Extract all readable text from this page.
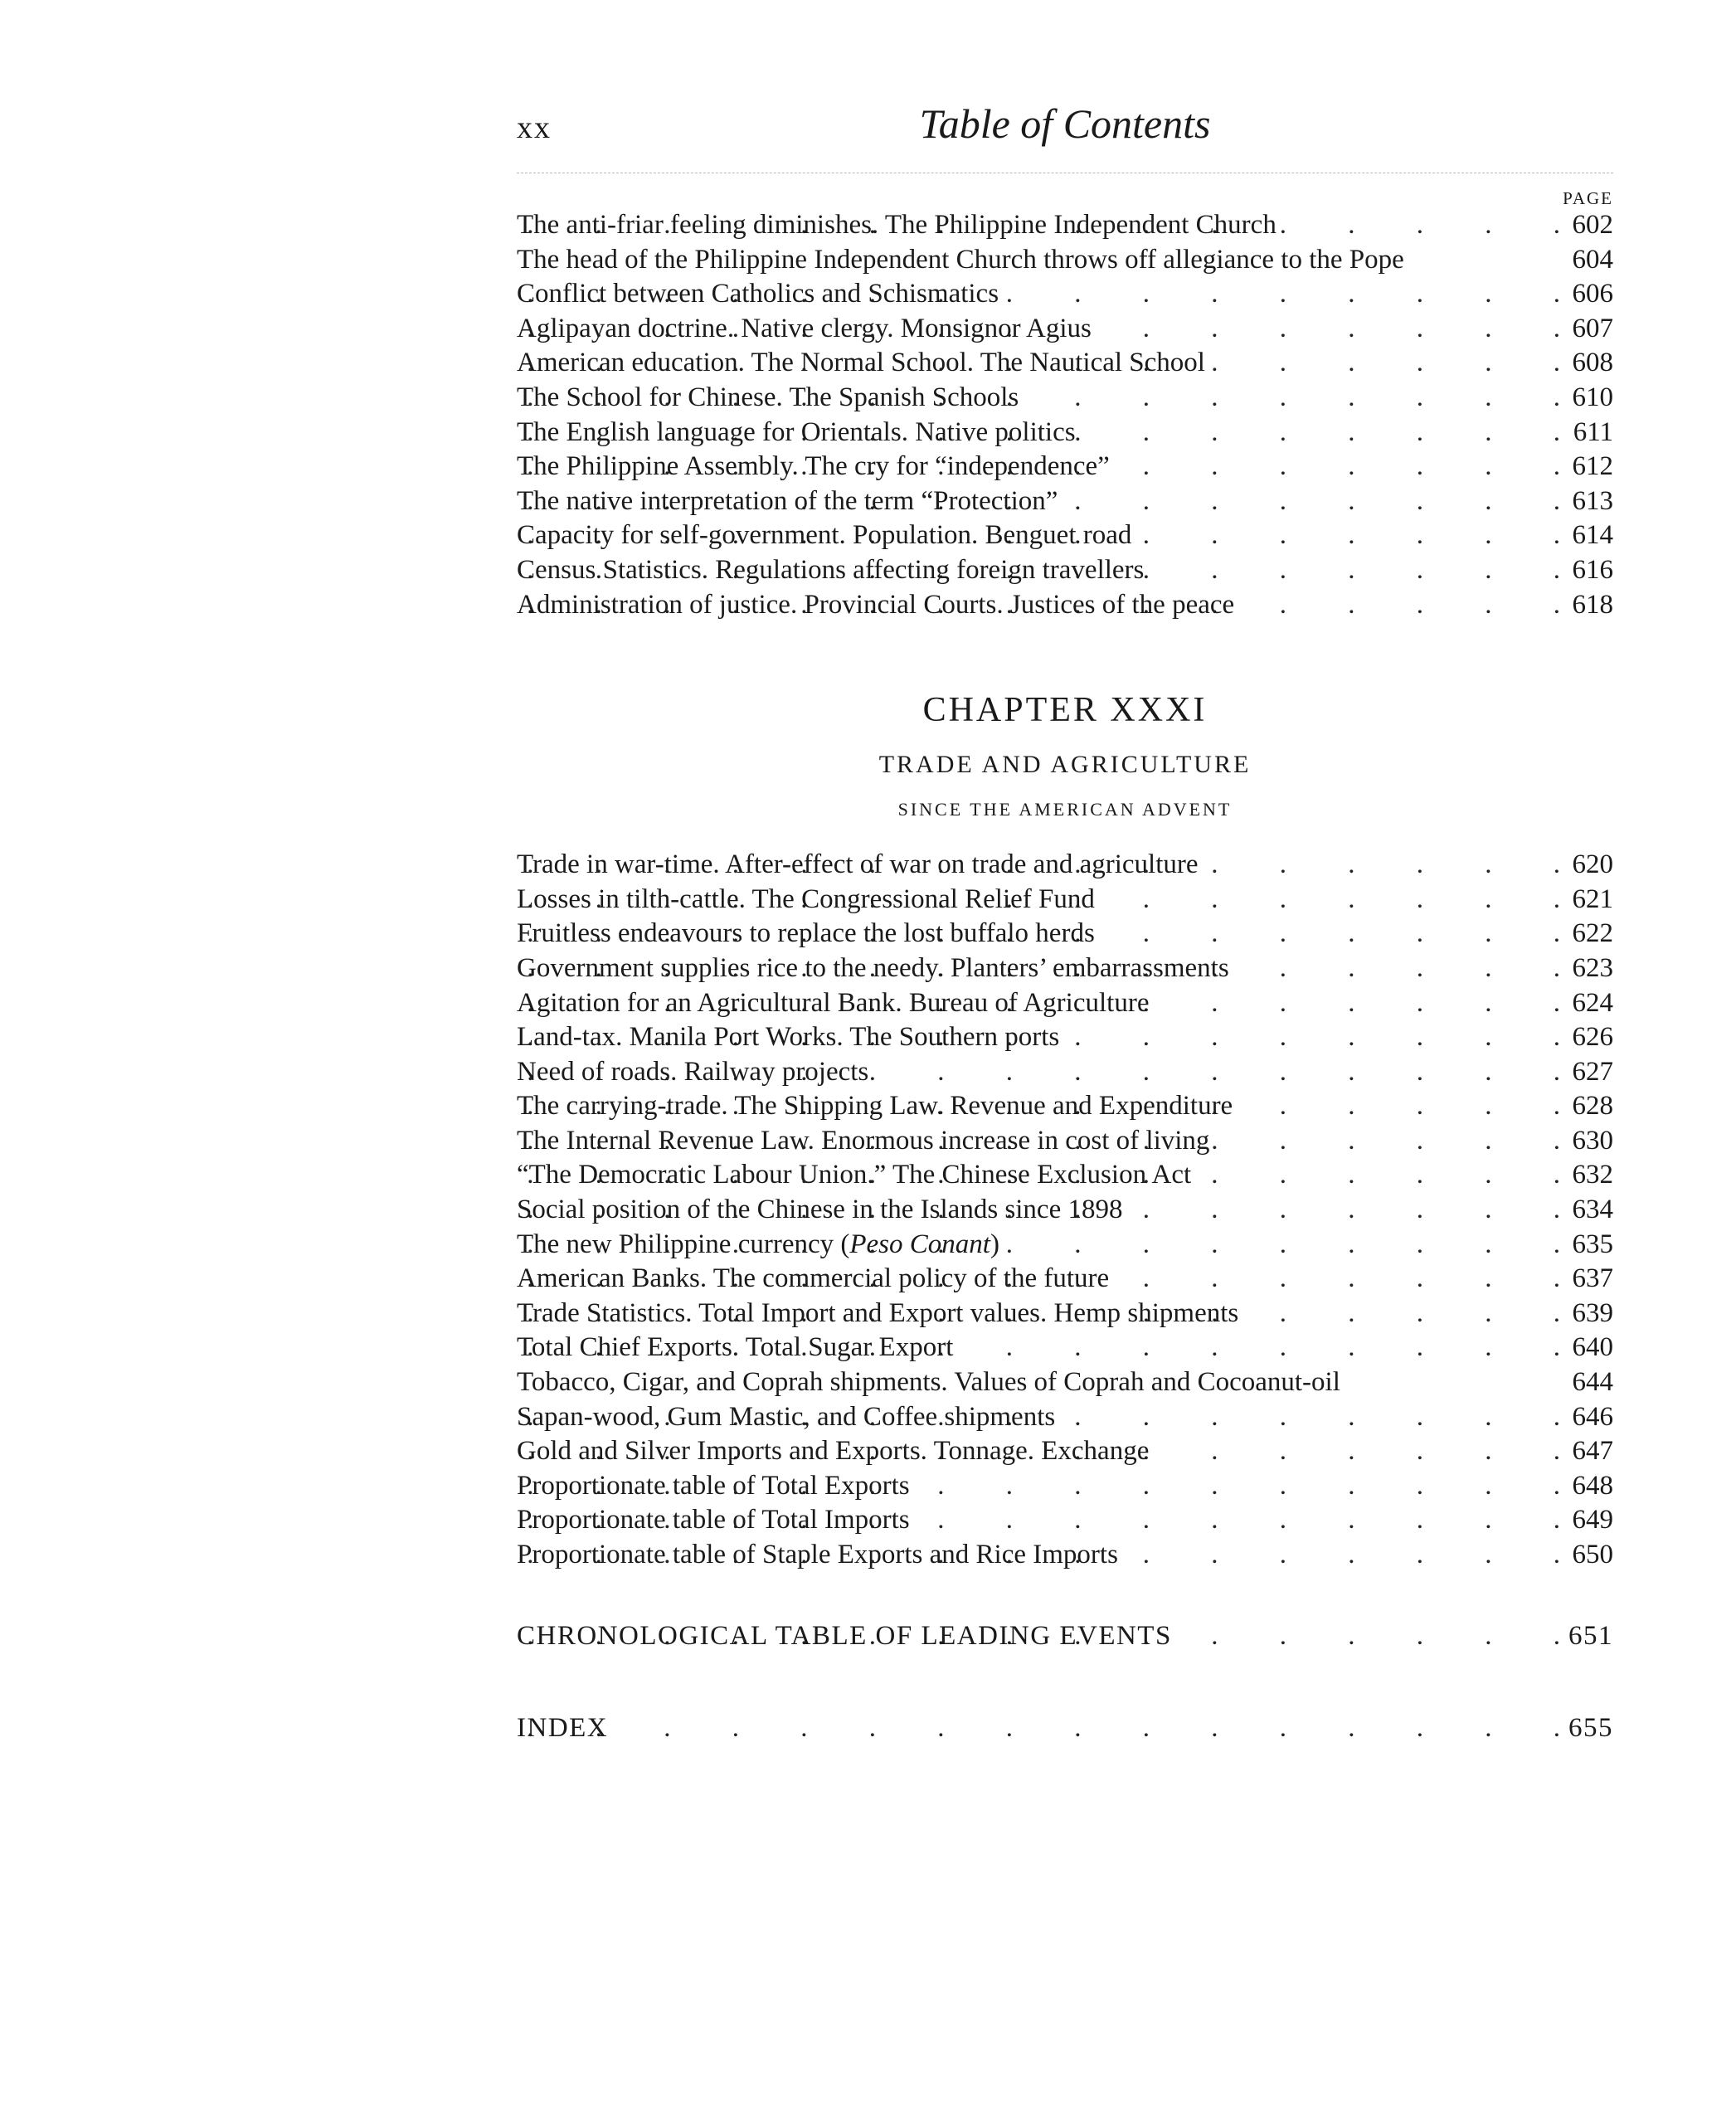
xx	Table of Contents
PAGE
The anti-friar feeling diminishes. The Philippine Independent Church .	602
The head of the Philippine Independent Church throws off allegiance to the Pope	604
Conflict between Catholics and Schismatics .	606
Aglipayan doctrine. Native clergy. Monsignor Agius .	607
American education. The Normal School. The Nautical School .	608
The School for Chinese. The Spanish Schools .	610
The English language for Orientals. Native politics .	611
The Philippine Assembly. The cry for “independence” .	612
The native interpretation of the term “Protection” .	613
Capacity for self-government. Population. Benguet road .	614
Census Statistics. Regulations affecting foreign travellers .	616
Administration of justice. Provincial Courts. Justices of the peace .	618
CHAPTER XXXI
TRADE AND AGRICULTURE
SINCE THE AMERICAN ADVENT
Trade in war-time. After-effect of war on trade and agriculture .	620
Losses in tilth-cattle. The Congressional Relief Fund .	621
Fruitless endeavours to replace the lost buffalo herds .	622
Government supplies rice to the needy. Planters’ embarrassments .	623
Agitation for an Agricultural Bank. Bureau of Agriculture .	624
Land-tax. Manila Port Works. The Southern ports .	626
Need of roads. Railway projects .	627
The carrying-trade. The Shipping Law. Revenue and Expenditure .	628
The Internal Revenue Law. Enormous increase in cost of living .	630
“The Democratic Labour Union.” The Chinese Exclusion Act .	632
Social position of the Chinese in the Islands since 1898 .	634
The new Philippine currency (Peso Conant) .	635
American Banks. The commercial policy of the future .	637
Trade Statistics. Total Import and Export values. Hemp shipments .	639
Total Chief Exports. Total Sugar Export .	640
Tobacco, Cigar, and Coprah shipments. Values of Coprah and Cocoanut-oil	644
Sapan-wood, Gum Mastic, and Coffee shipments .	646
Gold and Silver Imports and Exports. Tonnage. Exchange .	647
Proportionate table of Total Exports .	648
Proportionate table of Total Imports .	649
Proportionate table of Staple Exports and Rice Imports .	650
CHRONOLOGICAL TABLE OF LEADING EVENTS .	651
INDEX .	655
